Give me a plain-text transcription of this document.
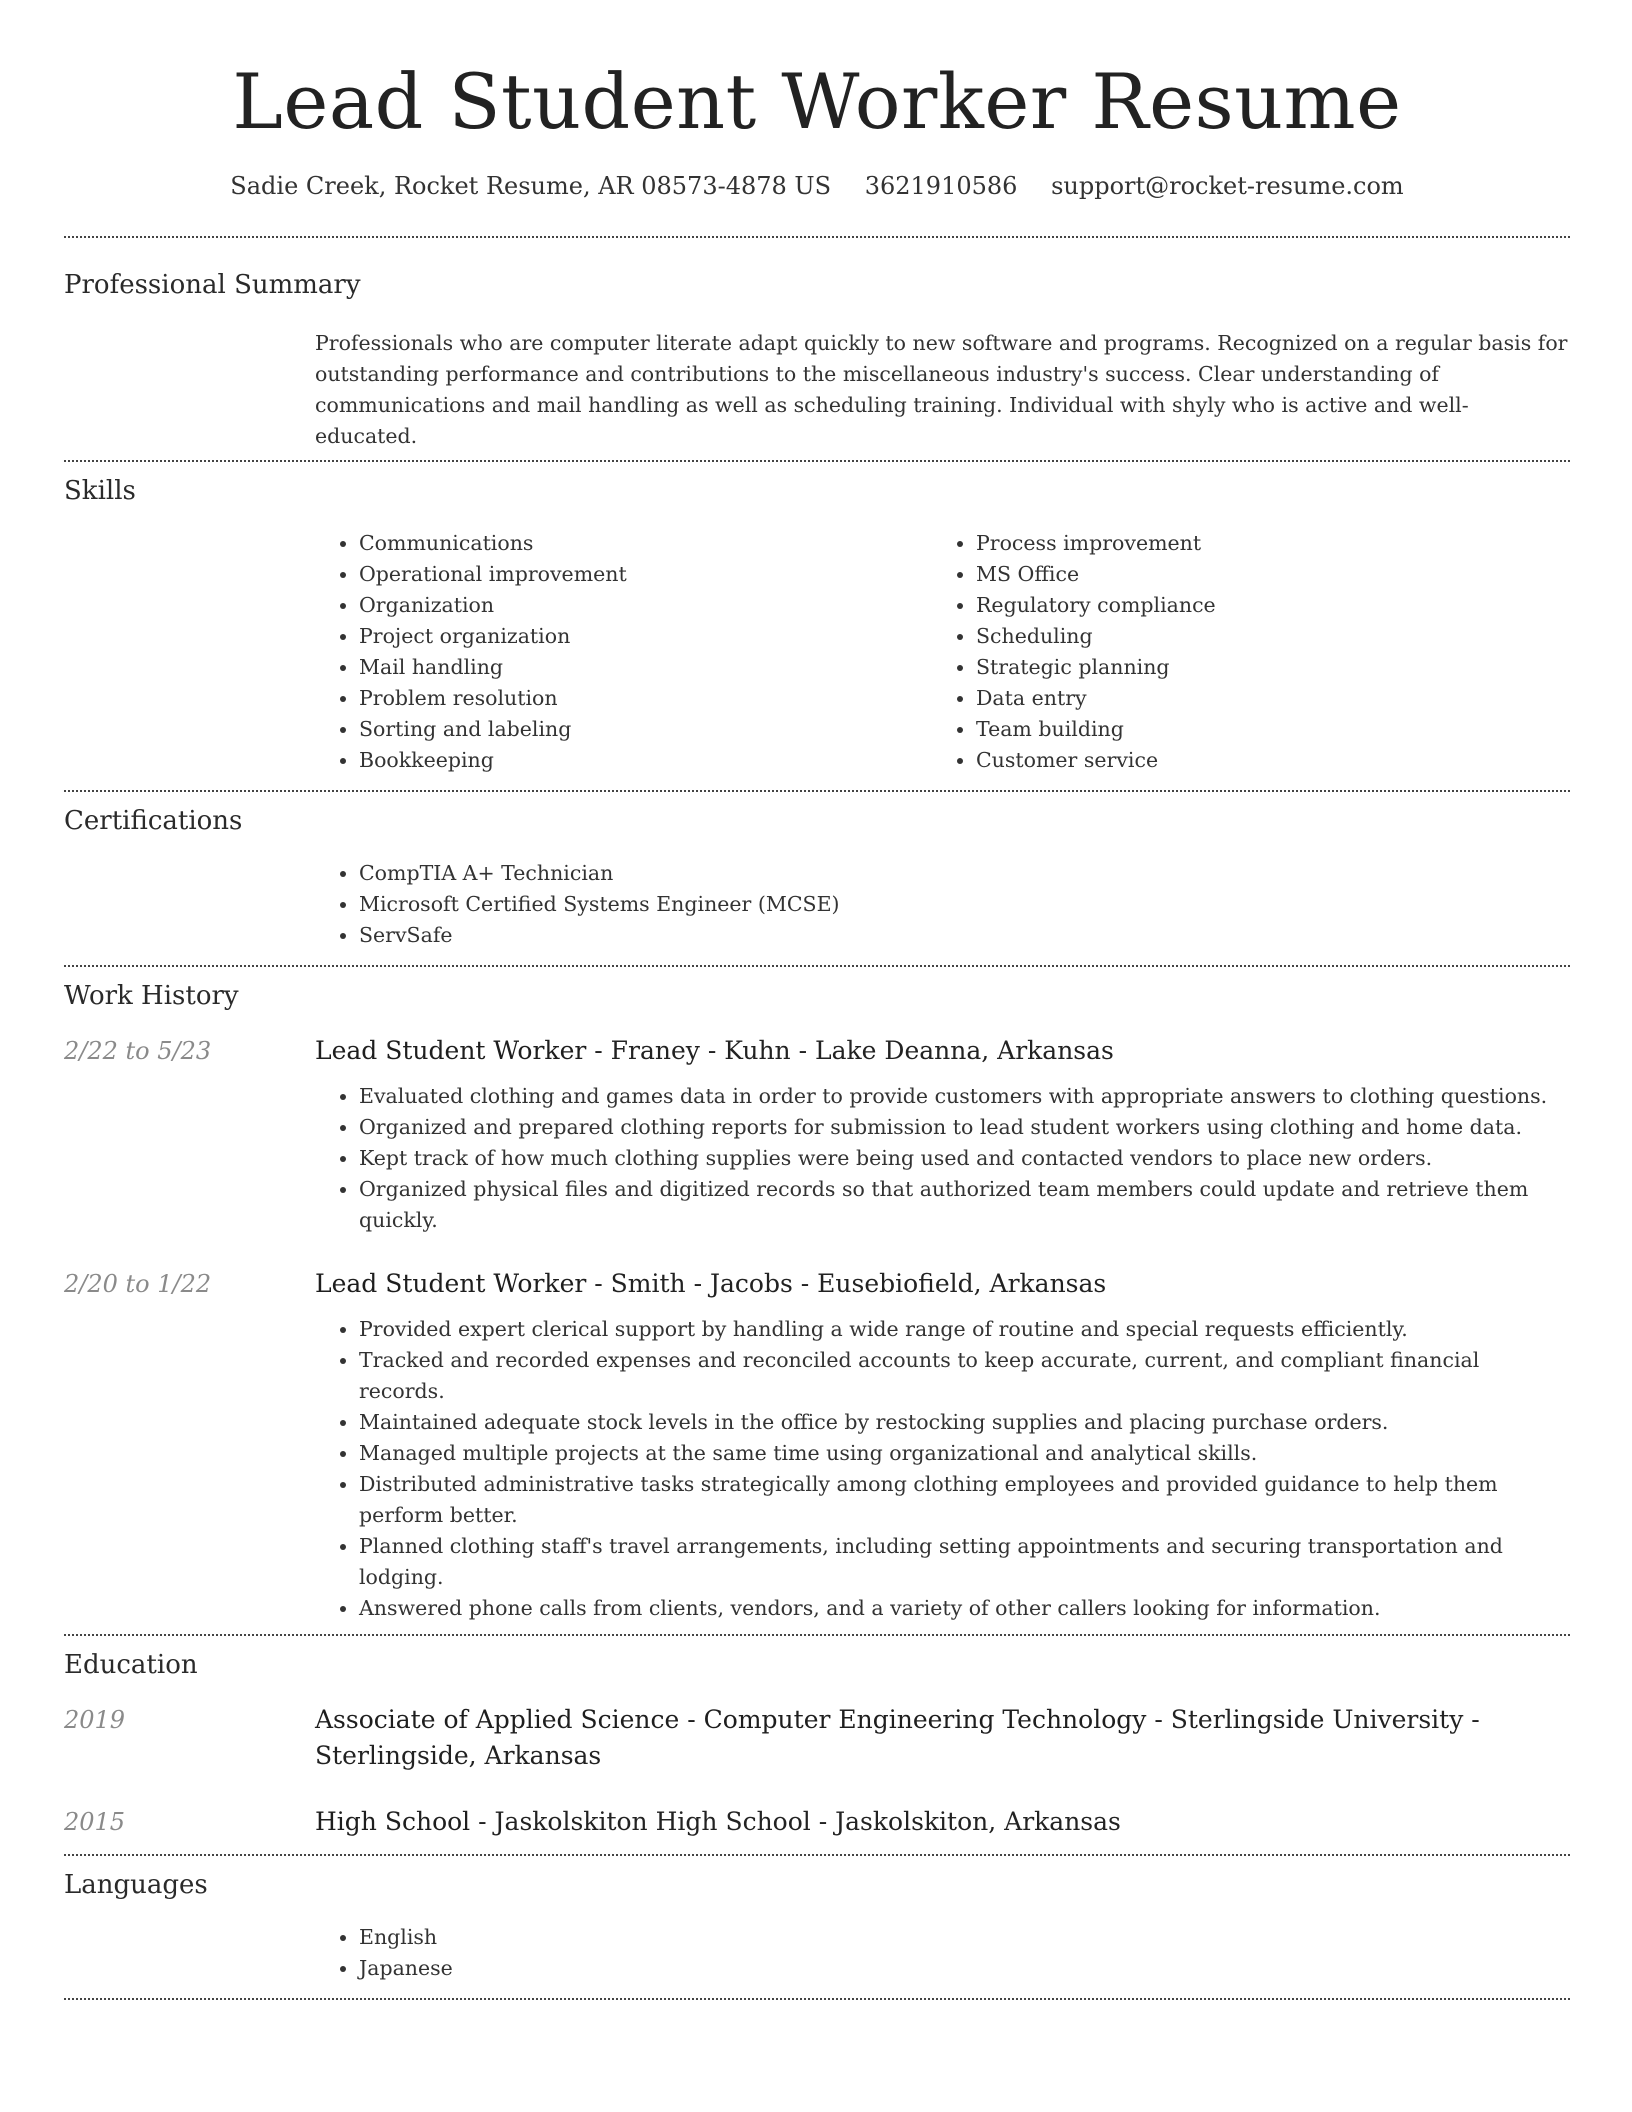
Lead Student Worker Resume
Sadie Creek, Rocket Resume, AR 08573-4878 US 3621910586 support@rocket-resume.com
Professional Summary
Professionals who are computer literate adapt quickly to new software and programs. Recognized on a regular basis for outstanding performance and contributions to the miscellaneous industry's success. Clear understanding of communications and mail handling as well as scheduling training. Individual with shyly who is active and well-educated.
Skills
• Communications
• Operational improvement
• Organization
• Project organization
• Mail handling
• Problem resolution
• Sorting and labeling
• Bookkeeping
• Process improvement
• MS Office
• Regulatory compliance
• Scheduling
• Strategic planning
• Data entry
• Team building
• Customer service
Certifications
• CompTIA A+ Technician
• Microsoft Certified Systems Engineer (MCSE)
• ServSafe
Work History
2/22 to 5/23	Lead Student Worker - Franey - Kuhn - Lake Deanna, Arkansas
• Evaluated clothing and games data in order to provide customers with appropriate answers to clothing questions.
• Organized and prepared clothing reports for submission to lead student workers using clothing and home data.
• Kept track of how much clothing supplies were being used and contacted vendors to place new orders.
• Organized physical files and digitized records so that authorized team members could update and retrieve them quickly.
2/20 to 1/22	Lead Student Worker - Smith - Jacobs - Eusebiofield, Arkansas
• Provided expert clerical support by handling a wide range of routine and special requests efficiently.
• Tracked and recorded expenses and reconciled accounts to keep accurate, current, and compliant financial records.
• Maintained adequate stock levels in the office by restocking supplies and placing purchase orders.
• Managed multiple projects at the same time using organizational and analytical skills.
• Distributed administrative tasks strategically among clothing employees and provided guidance to help them perform better.
• Planned clothing staff's travel arrangements, including setting appointments and securing transportation and lodging.
• Answered phone calls from clients, vendors, and a variety of other callers looking for information.
Education
2019	Associate of Applied Science - Computer Engineering Technology - Sterlingside University - Sterlingside, Arkansas
2015	High School - Jaskolskiton High School - Jaskolskiton, Arkansas
Languages
• English
• Japanese
